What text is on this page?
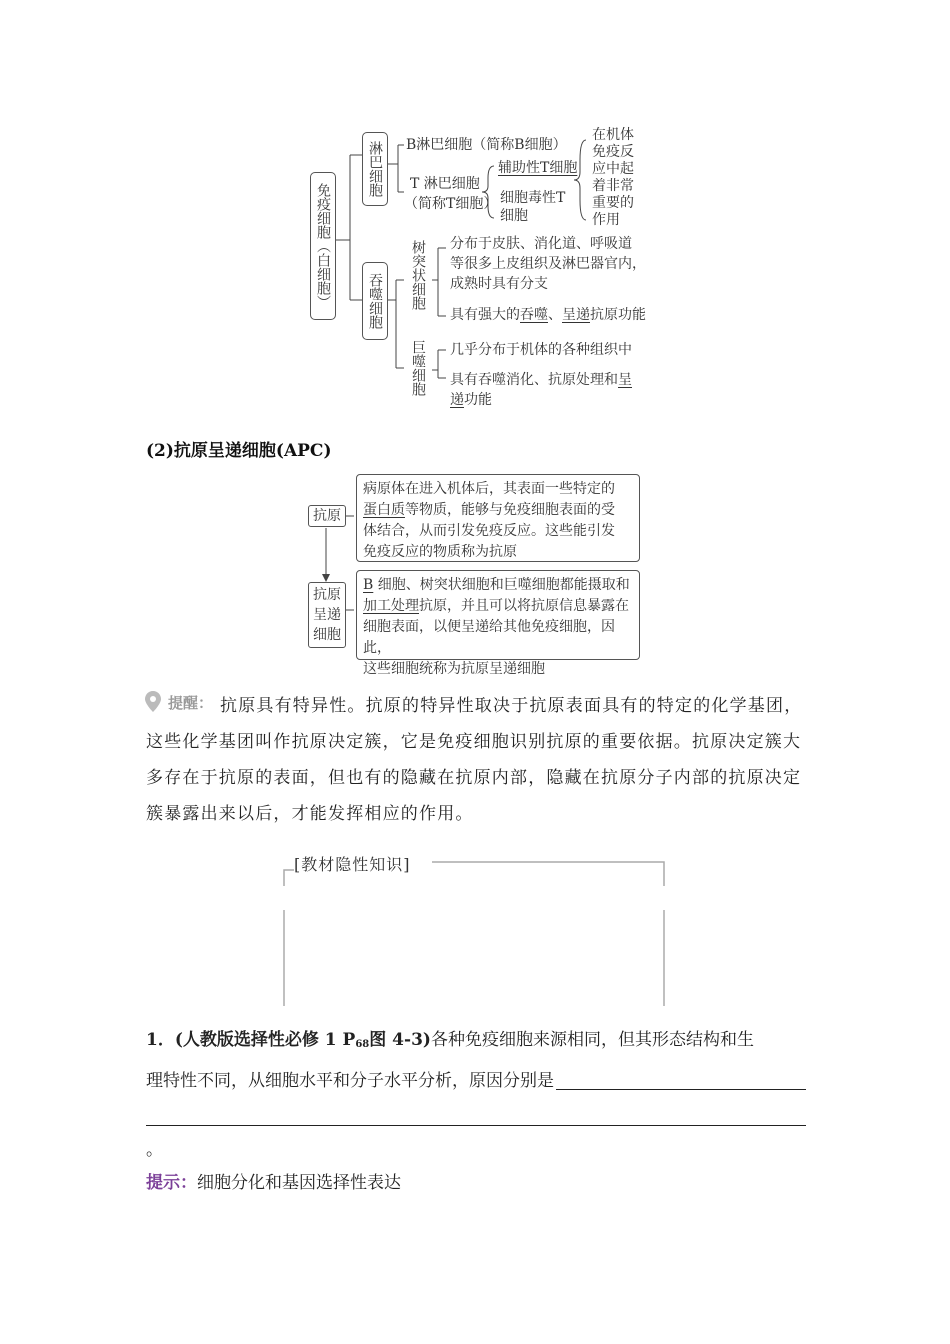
免疫细胞（白细胞）
淋巴细胞
吞噬细胞
B淋巴细胞（简称B细胞）
T 淋巴细胞
（简称T细胞）
辅助性T细胞
细胞毒性T
细胞
在机体
免疫反
应中起
着非常
重要的
作用
树突状细胞 分布于皮肤、消化道、呼吸道
等很多上皮组织及淋巴器官内，
成熟时具有分支
具有强大的吞噬、呈递抗原功能
巨噬细胞 几乎分布于机体的各种组织中
具有吞噬消化、抗原处理和呈
递功能
(2)抗原呈递细胞(APC)
抗原
病原体在进入机体后，其表面一些特定的
蛋白质等物质，能够与免疫细胞表面的受
体结合，从而引发免疫反应。这些能引发
免疫反应的物质称为抗原
抗原呈递细胞
B 细胞、树突状细胞和巨噬细胞都能摄取和
加工处理抗原，并且可以将抗原信息暴露在
细胞表面，以便呈递给其他免疫细胞，因此，
这些细胞统称为抗原呈递细胞
提醒： 抗原具有特异性。抗原的特异性取决于抗原表面具有的特定的化学基团，这些化学基团叫作抗原决定簇，它是免疫细胞识别抗原的重要依据。抗原决定簇大多存在于抗原的表面，但也有的隐藏在抗原内部，隐藏在抗原分子内部的抗原决定簇暴露出来以后，才能发挥相应的作用。
[教材隐性知识]
1．(人教版选择性必修 1 P68图 4-3)各种免疫细胞来源相同，但其形态结构和生
理特性不同，从细胞水平和分子水平分析，原因分别是
。
提示：细胞分化和基因选择性表达
